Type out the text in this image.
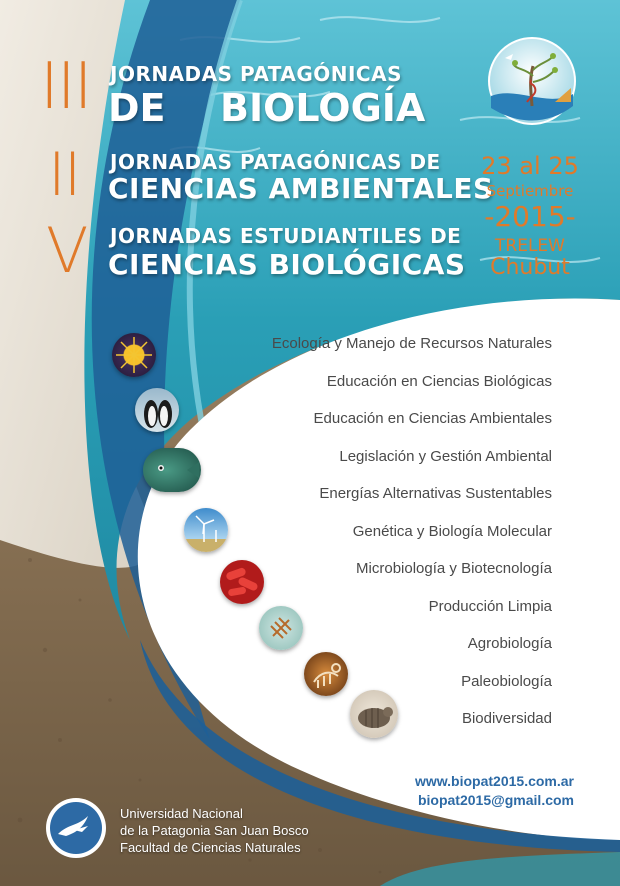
III
II
V
JORNADAS PATAGÓNICAS
DE BIOLOGÍA
JORNADAS PATAGÓNICAS DE
CIENCIAS AMBIENTALES
JORNADAS ESTUDIANTILES DE
CIENCIAS BIOLÓGICAS
23 al 25
Septiembre
-2015-
TRELEW
Chubut
Ecología y Manejo de Recursos Naturales
Educación en Ciencias Biológicas
Educación en Ciencias Ambientales
Legislación y Gestión Ambiental
Energías Alternativas Sustentables
Genética y Biología Molecular
Microbiología y Biotecnología
Producción Limpia
Agrobiología
Paleobiología
Biodiversidad
www.biopat2015.com.ar
biopat2015@gmail.com
Universidad Nacional
de la Patagonia San Juan Bosco
Facultad de Ciencias Naturales
